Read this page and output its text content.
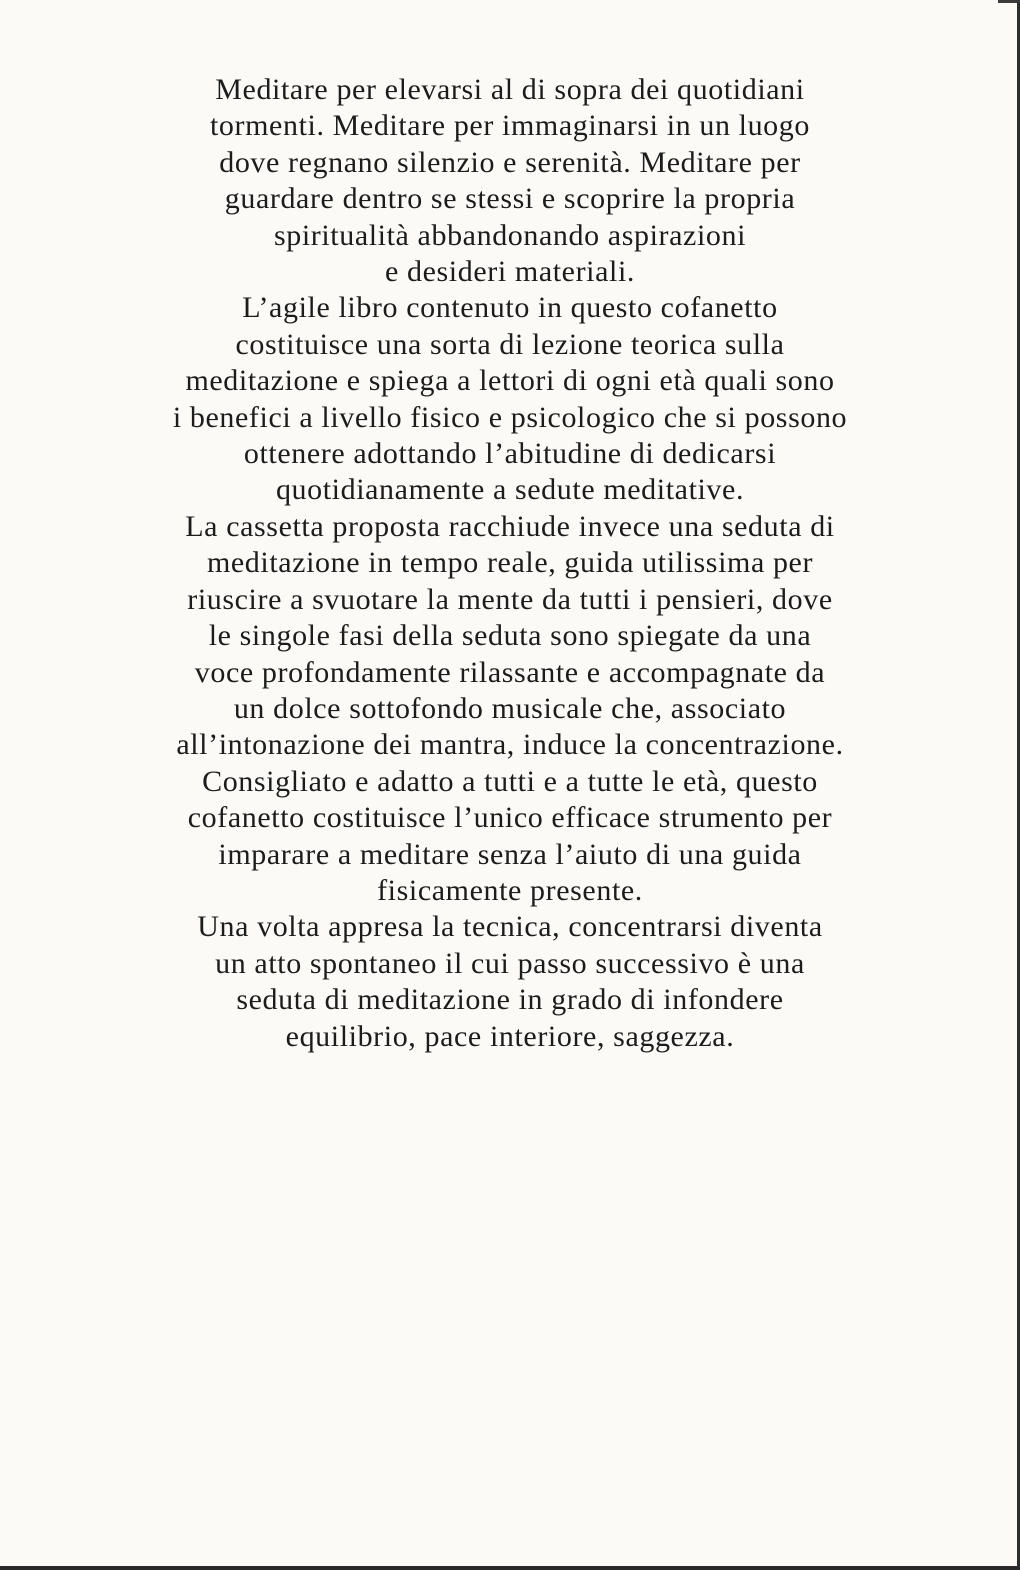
Meditare per elevarsi al di sopra dei quotidiani
tormenti. Meditare per immaginarsi in un luogo
dove regnano silenzio e serenità. Meditare per
guardare dentro se stessi e scoprire la propria
spiritualità abbandonando aspirazioni
e desideri materiali.
L’agile libro contenuto in questo cofanetto
costituisce una sorta di lezione teorica sulla
meditazione e spiega a lettori di ogni età quali sono
i benefici a livello fisico e psicologico che si possono
ottenere adottando l’abitudine di dedicarsi
quotidianamente a sedute meditative.
La cassetta proposta racchiude invece una seduta di
meditazione in tempo reale, guida utilissima per
riuscire a svuotare la mente da tutti i pensieri, dove
le singole fasi della seduta sono spiegate da una
voce profondamente rilassante e accompagnate da
un dolce sottofondo musicale che, associato
all’intonazione dei mantra, induce la concentrazione.
Consigliato e adatto a tutti e a tutte le età, questo
cofanetto costituisce l’unico efficace strumento per
imparare a meditare senza l’aiuto di una guida
fisicamente presente.
Una volta appresa la tecnica, concentrarsi diventa
un atto spontaneo il cui passo successivo è una
seduta di meditazione in grado di infondere
equilibrio, pace interiore, saggezza.
